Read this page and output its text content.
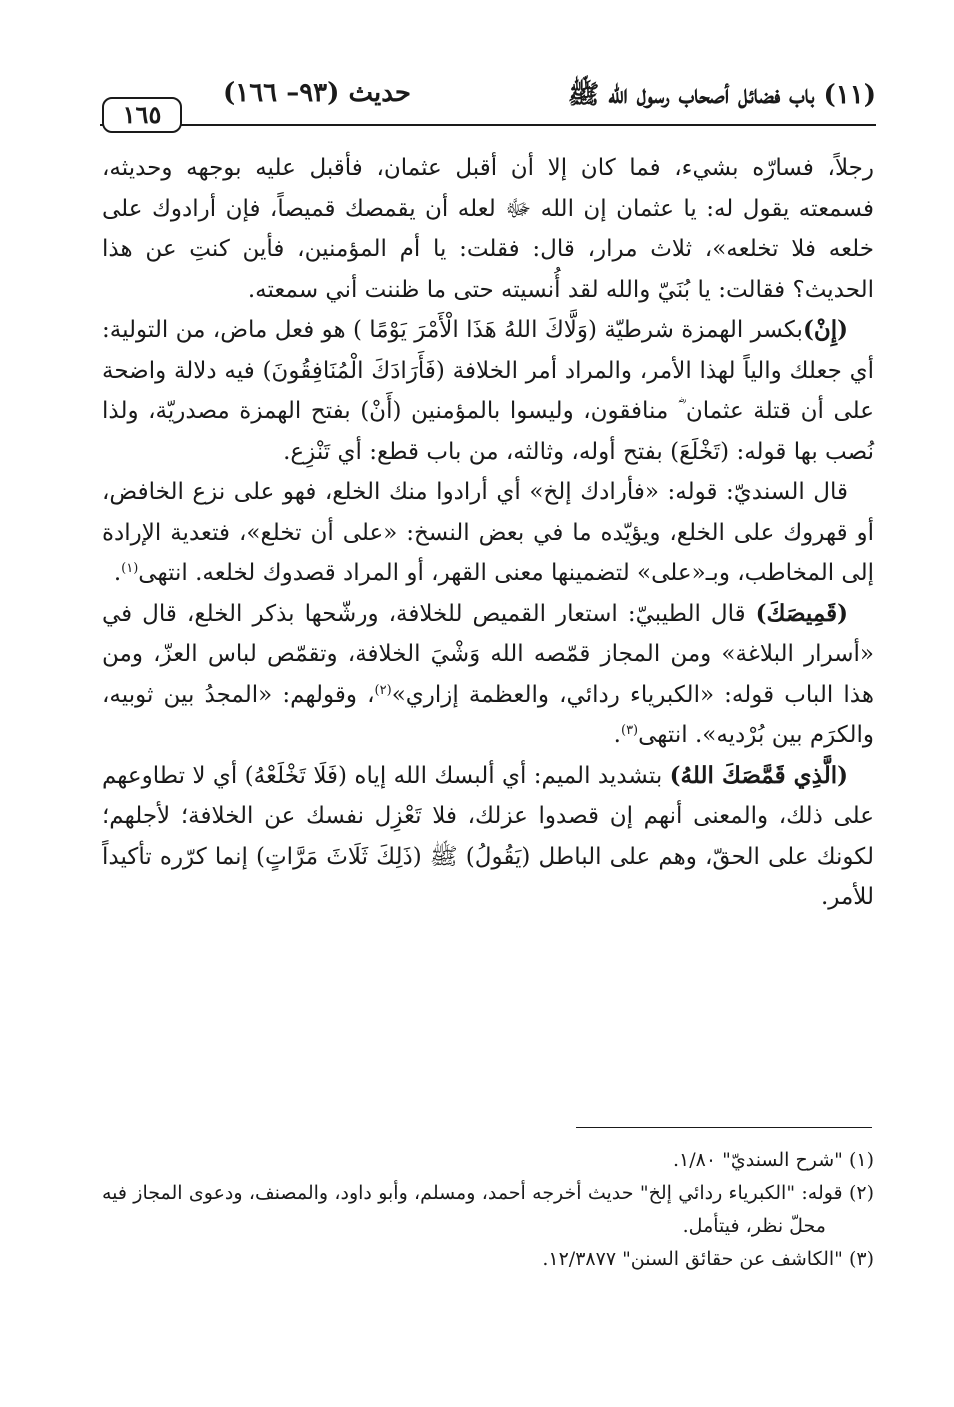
(١١) باب فضائل أصحاب رسول الله ﷺ
حديث (٩٣– ١٦٦)
١٦٥

رجلاً، فسارّه بشيء، فما كان إلا أن أقبل عثمان، فأقبل عليه بوجهه وحديثه، فسمعته يقول له: يا عثمان إن الله ﷻ لعله أن يقمصك قميصاً، فإن أرادوك على خلعه فلا تخلعه»، ثلاث مرار، قال: فقلت: يا أم المؤمنين، فأين كنتِ عن هذا الحديث؟ فقالت: يا بُنَيّ والله لقد أُنسيته حتى ما ظننت أني سمعته.

(إِنْ)بكسر الهمزة شرطيّة (وَلَّاكَ اللهُ هَذَا الْأَمْرَ يَوْمًا ) هو فعل ماض، من التولية: أي جعلك والياً لهذا الأمر، والمراد أمر الخلافة (فَأَرَادَكَ الْمُنَافِقُونَ) فيه دلالة واضحة على أن قتلة عثمان ؓ منافقون، وليسوا بالمؤمنين (أَنْ) بفتح الهمزة مصدريّة، ولذا نُصب بها قوله: (تَخْلَعَ) بفتح أوله، وثالثه، من باب قطع: أي تَنْزِع.

قال السنديّ: قوله: «فأرادك إلخ» أي أرادوا منك الخلع، فهو على نزع الخافض، أو قهروك على الخلع، ويؤيّده ما في بعض النسخ: «على أن تخلع»، فتعدية الإرادة إلى المخاطب، وبـ«على» لتضمينها معنى القهر، أو المراد قصدوك لخلعه. انتهى$^{(١)}$.

(قَمِيصَكَ) قال الطيبيّ: استعار القميص للخلافة، ورشّحها بذكر الخلع، قال في «أسرار البلاغة» ومن المجاز قمّصه الله وَشْيَ الخلافة، وتقمّص لباس العزّ، ومن هذا الباب قوله: «الكبرياء ردائي، والعظمة إزاري»$^{(٢)}$، وقولهم: «المجدُ بين ثوبيه، والكرَم بين بُرْديه». انتهى$^{(٣)}$.

(الَّذِي قَمَّصَكَ اللهُ) بتشديد الميم: أي ألبسك الله إياه (فَلَا تَخْلَعْهُ) أي لا تطاوعهم على ذلك، والمعنى أنهم إن قصدوا عزلك، فلا تَعْزِل نفسك عن الخلافة؛ لأجلهم؛ لكونك على الحقّ، وهم على الباطل (يَقُولُ) ﷺ (ذَلِكَ ثَلَاثَ مَرَّاتٍ) إنما كرّره تأكيداً للأمر.

(١) "شرح السنديّ" ١/٨٠.

(٢) قوله: "الكبرياء ردائي إلخ" حديث أخرجه أحمد، ومسلم، وأبو داود، والمصنف، ودعوى المجاز فيه محلّ نظر، فيتأمل.

(٣) "الكاشف عن حقائق السنن" ١٢/٣٨٧٧.
